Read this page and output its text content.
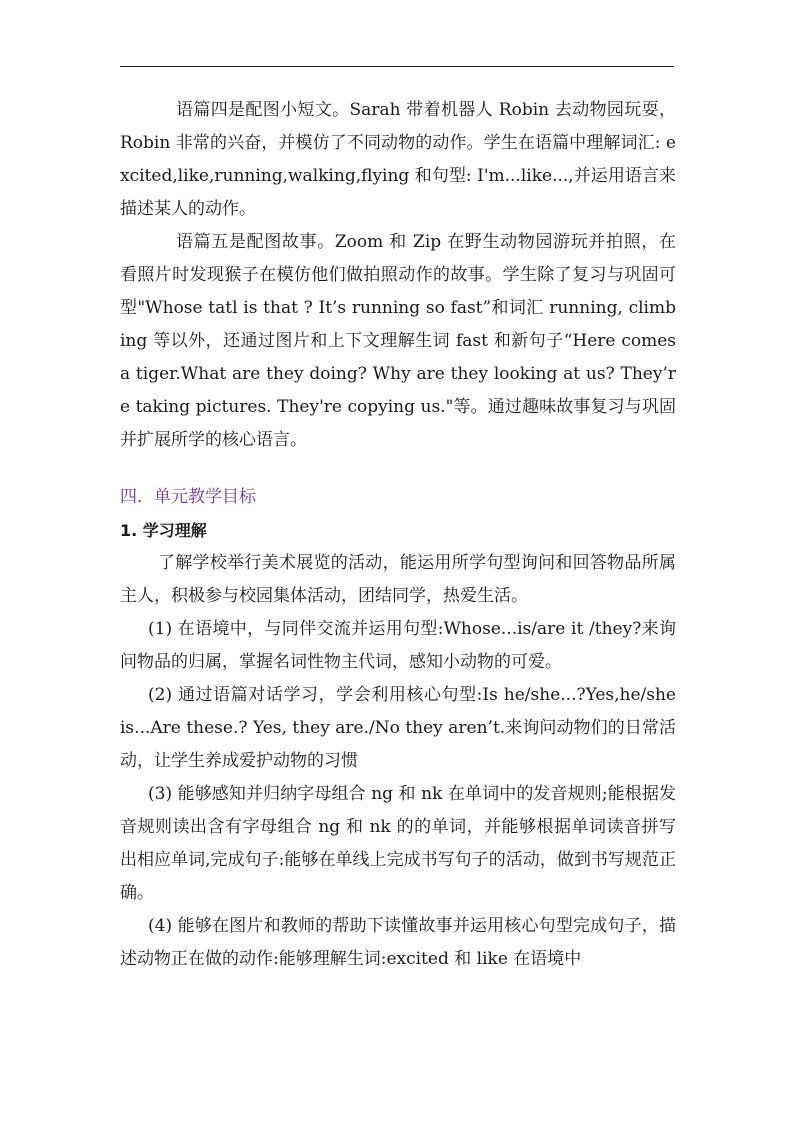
语篇四是配图小短文。Sarah 带着机器人 Robin 去动物园玩耍，Robin 非常的兴奋，并模仿了不同动物的动作。学生在语篇中理解词汇: excited,like,running,walking,flying 和句型: I'm...like...,并运用语言来描述某人的动作。

语篇五是配图故事。Zoom 和 Zip 在野生动物园游玩并拍照，在看照片时发现猴子在模仿他们做拍照动作的故事。学生除了复习与巩固可型"Whose tatl is that ? It’s running so fast”和词汇 running, climbing 等以外，还通过图片和上下文理解生词 fast 和新句子“Here comes a tiger.What are they doing? Why are they looking at us? They’re taking pictures. They're copying us."等。通过趣味故事复习与巩固并扩展所学的核心语言。

四．单元教学目标
1. 学习理解

了解学校举行美术展览的活动，能运用所学句型询问和回答物品所属主人，积极参与校园集体活动，团结同学，热爱生活。

(1) 在语境中，与同伴交流并运用句型:Whose...is/are it /they?来询问物品的归属，掌握名词性物主代词，感知小动物的可爱。

(2) 通过语篇对话学习，学会利用核心句型:Is he/she...?Yes,he/she is...Are these.? Yes, they are./No they aren’t.来询问动物们的日常活动，让学生养成爱护动物的习惯

(3) 能够感知并归纳字母组合 ng 和 nk 在单词中的发音规则;能根据发音规则读出含有字母组合 ng 和 nk 的的单词，并能够根据单词读音拼写出相应单词,完成句子:能够在单线上完成书写句子的活动，做到书写规范正确。

(4) 能够在图片和教师的帮助下读懂故事并运用核心句型完成句子，描述动物正在做的动作:能够理解生词:excited 和 like 在语境中
